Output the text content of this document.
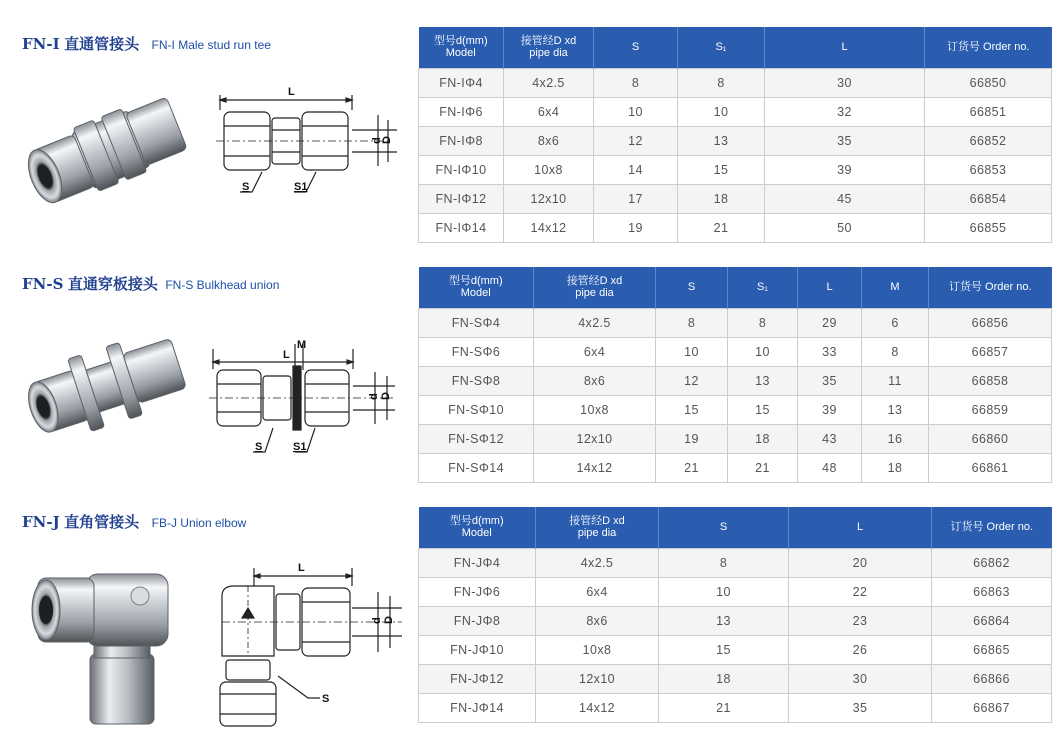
FN-I 直通管接头 FN-I Male stud run tee
L
d
D
S	S1
型号d(mm)
Model	接管经D xd
pipe dia	S	S₁	L	订货号 Order no.

FN-IΦ4	4x2.5	8	8	30	66850
FN-IΦ6	6x4	10	10	32	66851
FN-IΦ8	8x6	12	13	35	66852
FN-IΦ10	10x8	14	15	39	66853
FN-IΦ12	12x10	17	18	45	66854
FN-IΦ14	14x12	19	21	50	66855
FN-S 直通穿板接头 FN-S Bulkhead union
L
M
d D
S	S1
型号d(mm)
Model	接管经D xd
pipe dia	S	S₁	L	M	订货号 Order no.

FN-SΦ4	4x2.5	8	8	29	6	66856
FN-SΦ6	6x4	10	10	33	8	66857
FN-SΦ8	8x6	12	13	35	11	66858
FN-SΦ10	10x8	15	15	39	13	66859
FN-SΦ12	12x10	19	18	43	16	66860
FN-SΦ14	14x12	21	21	48	18	66861
FN-J 直角管接头 FB-J Union elbow
L
d D
S
型号d(mm)
Model	接管经D xd
pipe dia	S	L	订货号 Order no.

FN-JΦ4	4x2.5	8	20	66862
FN-JΦ6	6x4	10	22	66863
FN-JΦ8	8x6	13	23	66864
FN-JΦ10	10x8	15	26	66865
FN-JΦ12	12x10	18	30	66866
FN-JΦ14	14x12	21	35	66867
